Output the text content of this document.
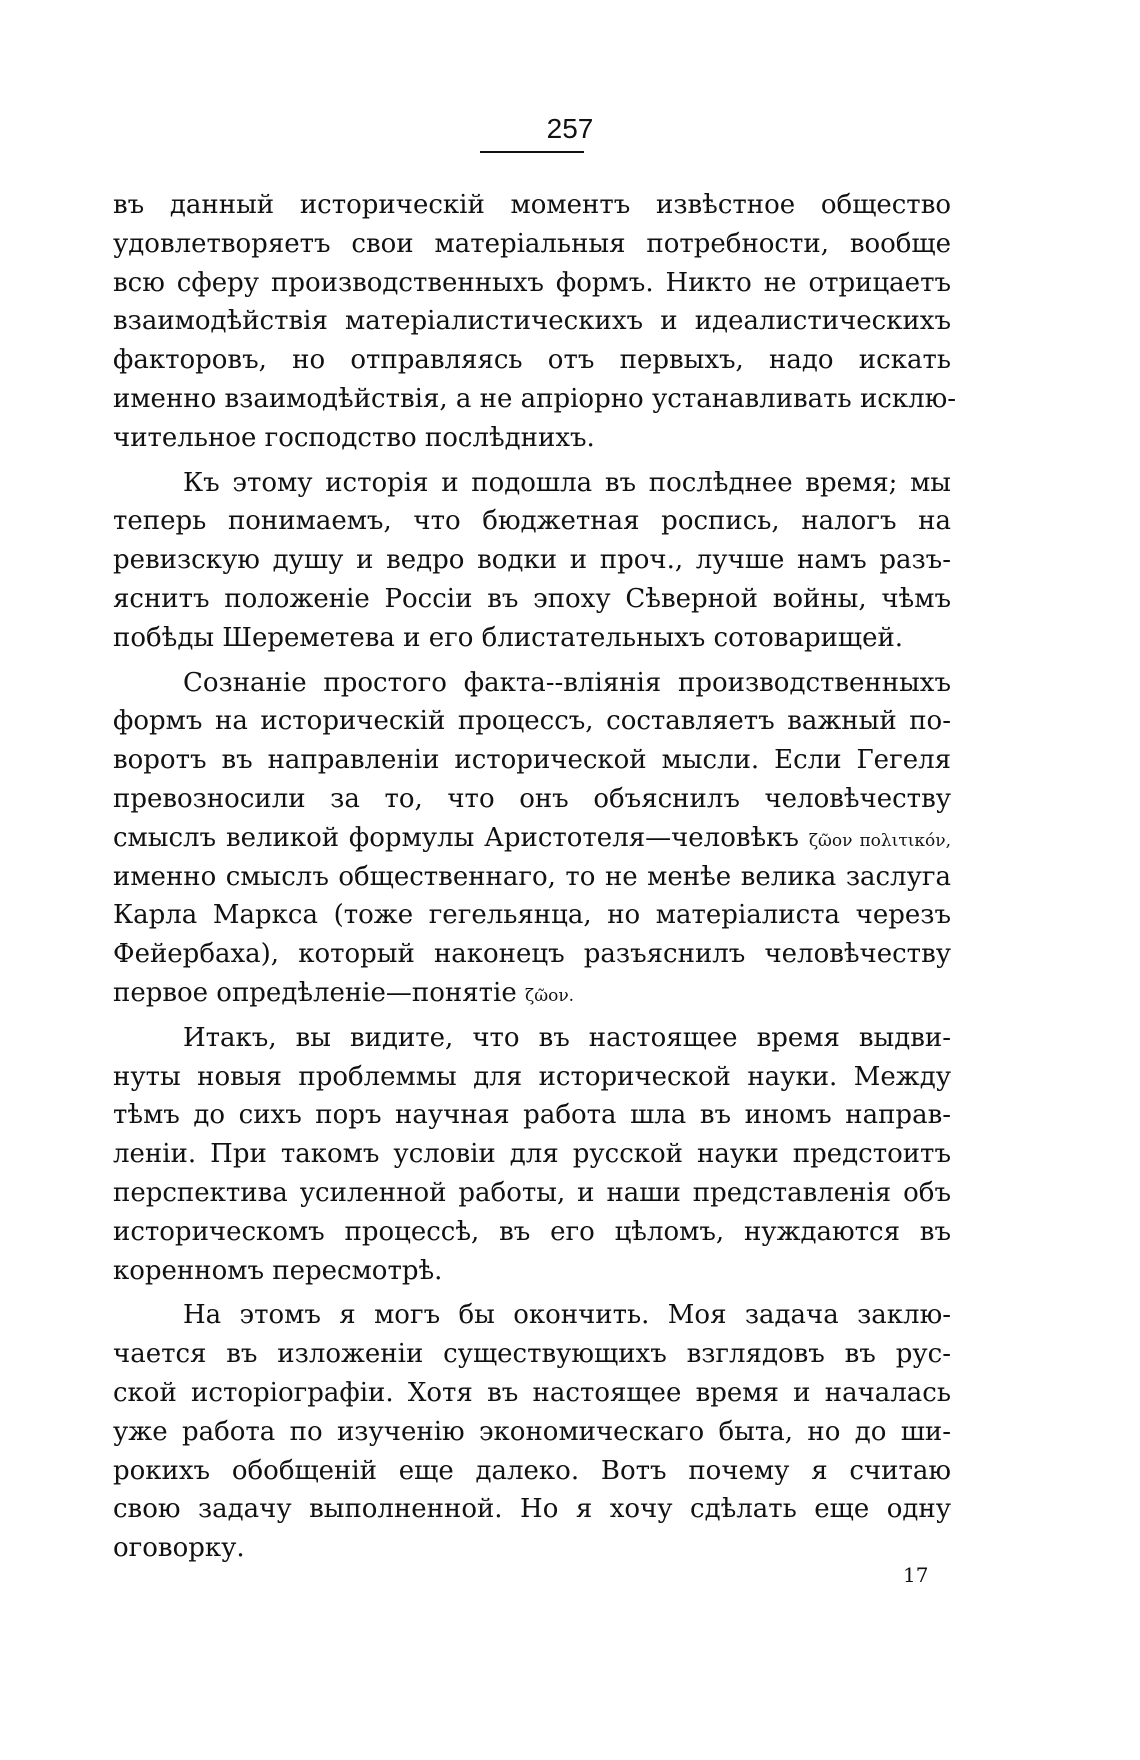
257
въ данный историческій моментъ извѣстное общество
удовлетворяетъ свои матеріальныя потребности, вообще
всю сферу производственныхъ формъ. Никто не отрицаетъ
взаимодѣйствія матеріалистическихъ и идеалистическихъ
факторовъ, но отправляясь отъ первыхъ, надо искать
именно взаимодѣйствія, а не апріорно устанавливать исклю-
чительное господство послѣднихъ.
Къ этому исторія и подошла въ послѣднее время; мы
теперь понимаемъ, что бюджетная роспись, налогъ на
ревизскую душу и ведро водки и проч., лучше намъ разъ-
яснитъ положеніе Россіи въ эпоху Сѣверной войны, чѣмъ
побѣды Шереметева и его блистательныхъ сотоварищей.
Сознаніе простого факта--вліянія производственныхъ
формъ на историческій процессъ, составляетъ важный по-
воротъ въ направленіи исторической мысли. Если Гегеля
превозносили за то, что онъ объяснилъ человѣчеству
смыслъ великой формулы Аристотеля—человѣкъ ζῶον πολιτικόν,
именно смыслъ общественнаго, то не менѣе велика заслуга
Карла Маркса (тоже гегельянца, но матеріалиста черезъ
Фейербаха), который наконецъ разъяснилъ человѣчеству
первое опредѣленіе—понятіе ζῶον.
Итакъ, вы видите, что въ настоящее время выдви-
нуты новыя проблеммы для исторической науки. Между
тѣмъ до сихъ поръ научная работа шла въ иномъ направ-
леніи. При такомъ условіи для русской науки предстоитъ
перспектива усиленной работы, и наши представленія объ
историческомъ процессѣ, въ его цѣломъ, нуждаются въ
коренномъ пересмотрѣ.
На этомъ я могъ бы окончить. Моя задача заклю-
чается въ изложеніи существующихъ взглядовъ въ рус-
ской исторіографіи. Хотя въ настоящее время и началась
уже работа по изученію экономическаго быта, но до ши-
рокихъ обобщеній еще далеко. Вотъ почему я считаю
свою задачу выполненной. Но я хочу сдѣлать еще одну
оговорку.
17
